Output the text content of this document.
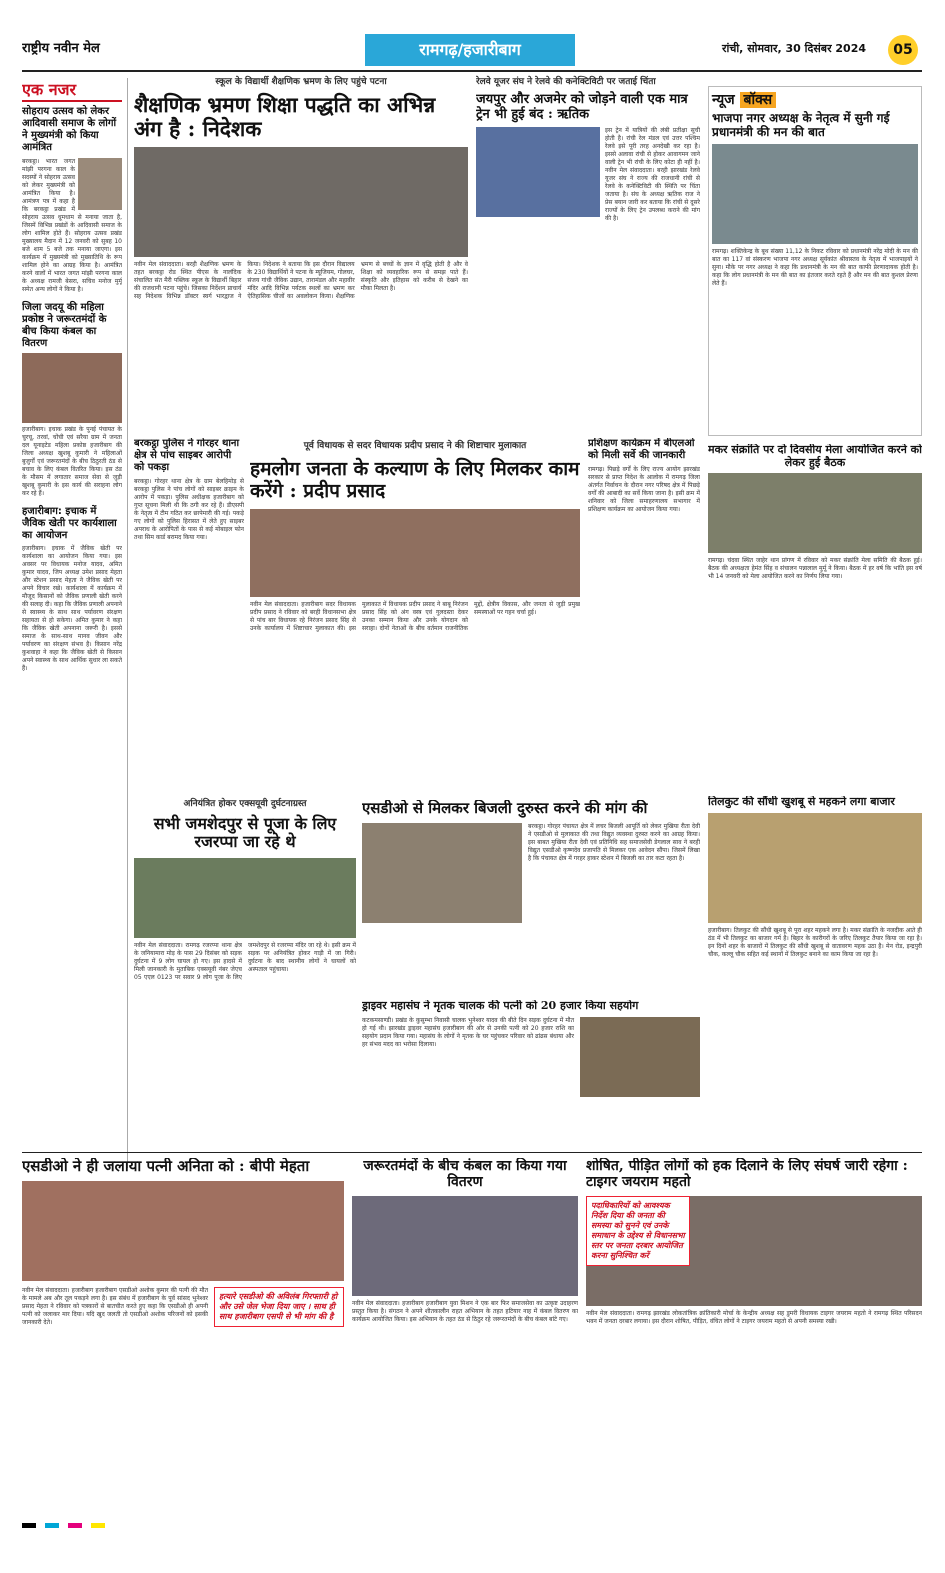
राष्ट्रीय नवीन मेल	रामगढ़/हजारीबाग	रांची, सोमवार, 30 दिसंबर 2024	05
एक नजर
सोहराय उत्सव को लेकर आदिवासी समाज के लोगों ने मुख्यमंत्री को किया आमंत्रित
बरकट्ठा। भारत जगत मांझी परगना काल के सदस्यों ने सोहराय उत्सव को लेकर मुख्यमंत्री को आमंत्रित किया है। आमंत्रण पत्र में कहा है कि बरकट्ठा प्रखंड में सोहराय उत्सव धूमधाम से मनाया जाता है, जिसमें विभिन्न प्रखंडों के आदिवासी समाज के लोग शामिल होते हैं। सोहराय उत्सव प्रखंड मुख्यालय मैदान में 12 जनवरी को सुबह 10 बजे शाम 5 बजे तक मनाया जाएगा। इस कार्यक्रम में मुख्यमंत्री को मुख्यातिथि के रूप शामिल होने का आग्रह किया है। आमंत्रित करने वालों में भारत जगत मांझी परगना काल के अध्यक्ष रामजी बेसरा, सचिव मनोज मुर्मू समेत अन्य लोगों ने किया है।
जिला जदयू की महिला प्रकोष्ठ ने जरूरतमंदों के बीच किया कंबल का वितरण
हजारीबाग। इचाक प्रखंड के पुनई पंचायत के चुरचू, तरवां, चोंची एवं सरैया ग्राम में जनता दल यूनाइटेड महिला प्रकोष्ठ हजारीबाग की जिला अध्यक्ष खुशबू कुमारी ने महिलाओं बुजुर्गों एवं जरूरतमंदों के बीच ठिठुरती ठंड से बचाव के लिए कंबल वितरित किया। इस ठंड के मौसम में लगातार समाज सेवा से जुड़ी खुशबू कुमारी के इस कार्य की सराहना लोग कर रहे हैं।
हजारीबाग: इचाक में जैविक खेती पर कार्यशाला का आयोजन
हजारीबाग। इचाक में जैविक खेती पर कार्यशाला का आयोजन किया गया। इस अवसर पर विधायक मनोज यादव, अमित कुमार यादव, जिप अध्यक्ष उमेश प्रसाद मेहता और स्टेशन प्रसाद मेहता ने जैविक खेती पर अपने विचार रखे। कार्यशाला में कार्यक्रम में मौजूद किसानों को जैविक प्रणाली खेती करने की सलाह दी। कहा कि जैविक प्रणाली अपनाने से स्वास्थ्य के साथ साथ पर्यावरण संरक्षण सहायता से हो सकेगा। अमित कुमार ने कहा कि जैविक खेती अपनाना जरूरी है। इससे समाज के साथ-साथ मानव जीवन और पर्यावरण का संरक्षण संभव है। किसान नरेंद्र कुशवाहा ने कहा कि जैविक खेती से किसान अपने स्वास्थ्य के साथ आर्थिक सुधार ला सकते हैं।
स्कूल के विद्यार्थी शैक्षणिक भ्रमण के लिए पहुंचे पटना
शैक्षणिक भ्रमण शिक्षा पद्धति का अभिन्न अंग है : निदेशक
नवीन मेल संवाददाता। बरही शैक्षणिक भ्रमण के तहत बरकट्ठा रोड स्थित पीएस के नालंदिक संचालित संत मैरी पब्लिक स्कूल के विद्यार्थी बिहार की राजधानी पटना पहुंचे। जिसका निर्देशन प्राचार्य सह निदेशक विभिन्न डॉक्टर स्वर्ग भारद्वाज ने किया। निदेशक ने बताया कि इस दौरान विद्यालय के 230 विद्यार्थियों ने पटना के म्यूजियम, गोलघर, संजय गांधी जैविक उद्यान, तारामंडल और महावीर मंदिर आदि विभिन्न पर्यटक स्थलों का भ्रमण कर ऐतिहासिक चीजों का अवलोकन किया। शैक्षणिक भ्रमण से बच्चों के ज्ञान में वृद्धि होती है और वे शिक्षा को व्यवहारिक रूप से समझ पाते हैं। संस्कृति और इतिहास को करीब से देखने का मौका मिलता है।
रेलवे यूजर संघ ने रेलवे की कनेक्टिविटी पर जताई चिंता
जयपुर और अजमेर को जोड़ने वाली एक मात्र ट्रेन भी हुई बंद : ऋतिक
इस ट्रेन में यात्रियों की लंबी प्रतीक्षा सूची होती है। रांची रेल मंडल एवं उत्तर पश्चिम रेलवे इसे पूरी तरह अनदेखी कर रहा है। इससे अलावा रांची से होकर आवागमन जाने वाली ट्रेन भी रांची के लिए कोटा ही नहीं है। नवीन मेल संवाददाता। बरही झारखंड रेलवे यूजर संघ ने राज्य की राजधानी रांची से रेलवे के कनेक्टिविटी की स्थिति पर चिंता जताया है। संघ के अध्यक्ष ऋतिक राज ने प्रेस बयान जारी कर बताया कि रांची से दूसरे राज्यों के लिए ट्रेन उपलब्ध कराने की मांग की है।
न्यूज बॉक्स
भाजपा नगर अध्यक्ष के नेतृत्व में सुनी गई प्रधानमंत्री की मन की बात
रामगढ़। शक्तिकेन्द्र के बूथ संख्या 11,12 के निकट रविवार को प्रधानमंत्री नरेंद्र मोदी के मन की बात का 117 वां संस्करण भाजपा नगर अध्यक्ष सूर्यकांत श्रीवास्तव के नेतृत्व में भाजपाइयों ने सुना। मौके पर नगर अध्यक्ष ने कहा कि प्रधानमंत्री के मन की बात काफी प्रेरणादायक होती है। कहा कि लोग प्रधानमंत्री के मन की बात का इंतजार करते रहते हैं और मन की बात कुशल प्रेरणा लेते हैं।
बरकट्ठा पुलिस ने गोरहर थाना क्षेत्र से पांच साइबर आरोपी को पकड़ा
बरकट्ठा। गोरहर थाना क्षेत्र के ग्राम बेलहिमोड़ से बरकट्ठा पुलिस ने पांच लोगों को साइबर क्राइम के आरोप में पकड़ा। पुलिस अधीक्षक हजारीबाग को गुप्त सूचना मिली थी कि ठगी कर रहे हैं। डीएसपी के नेतृत्व में टीम गठित कर छापेमारी की गई। पकड़े गए लोगों को पुलिस हिरासत में लेते हुए साइबर अपराध के आरोपितों के पास से कई मोबाइल फोन तथा सिम कार्ड बरामद किया गया।
पूर्व विधायक से सदर विधायक प्रदीप प्रसाद ने की शिष्टाचार मुलाकात
हमलोग जनता के कल्याण के लिए मिलकर काम करेंगे : प्रदीप प्रसाद
नवीन मेल संवाददाता। हजारीबाग सदर विधायक प्रदीप प्रसाद ने रविवार को बरही विधानसभा क्षेत्र से पांच बार विधायक रहे निरंजन प्रसाद सिंह से उनके कार्यालय में शिष्टाचार मुलाकात की। इस मुलाकात में विधायक प्रदीप प्रसाद ने बाबू निरंजन प्रसाद सिंह को अंग वस्त्र एवं गुलदस्ता देकर उनका सम्मान किया और उनके योगदान को सराहा। दोनों नेताओं के बीच वर्तमान राजनीतिक मुद्दों, क्षेत्रीय विकास, और जनता से जुड़ी प्रमुख समस्याओं पर गहन चर्चा हुई।
प्रशिक्षण कार्यक्रम में बीएलओ को मिली सर्वे की जानकारी
रामगढ़। पिछड़े वर्गों के लिए राज्य आयोग झारखंड सरकार से प्राप्त निदेश के आलोक में रामगढ़ जिला अंतर्गत निर्वाचन के दौरान नगर परिषद क्षेत्र में पिछड़े वर्गों की आबादी का सर्वे किया जाना है। इसी क्रम में शनिवार को जिला समाहरणालय सभागार में प्रशिक्षण कार्यक्रम का आयोजन किया गया।
मकर संक्रांति पर दो दिवसीय मेला आयोजित करने को लेकर हुई बैठक
रामगढ़। चंदवा स्थित जाहेर थान प्रांगण में रविवार को मकर संक्रांति मेला समिति की बैठक हुई। बैठक की अध्यक्षता हेमंत सिंह व संचालन पन्नालाल मुर्मू ने किया। बैठक में हर वर्ष कि भांति इस वर्ष भी 14 जनवरी को मेला आयोजित करने का निर्णय लिया गया।
अनियंत्रित होकर एक्सयूवी दुर्घटनाग्रस्त
सभी जमशेदपुर से पूजा के लिए रजरप्पा जा रहे थे
नवीन मेल संवाददाता। रामगढ़ रजरप्पा थाना क्षेत्र के जनियामारा मोड़ के पास 29 दिसंबर को सड़क दुर्घटना में 9 लोग घायल हो गए। इस हादसे में मिली जानकारी के मुताबिक एक्सयूवी नंबर जेएच 05 एएल 0123 पर सवार 9 लोग पूजा के लिए जमशेदपुर से रजरप्पा मंदिर जा रहे थे। इसी क्रम में सड़क पर अनियंत्रित होकर गाड़ी में जा गिरी। दुर्घटना के बाद स्थानीय लोगों ने घायलों को अस्पताल पहुंचाया।
एसडीओ से मिलकर बिजली दुरुस्त करने की मांग की
बरकट्ठा। गोरहर पंचायत क्षेत्र में लचर बिजली आपूर्ति को लेकर मुखिया रीता देवी ने एसडीओ से मुलाकात की तथा विद्युत व्यवस्था दुरुस्त करने का आग्रह किया। इस बाबत मुखिया रीता देवी एवं प्रतिनिधि सह समाजसेवी डेगलाल साव ने बरही विद्युत एसडीओ कृष्णदेव प्रजापति से मिलकर एक आवेदन सौंपा। जिसमें लिखा है कि पंचायत क्षेत्र में गरहर हाकर स्टेशन में बिजली का तार कटा रहता है।
ड्राइवर महासंघ ने मृतक चालक की पत्नी को 20 हजार किया सहयोग
कटकमसाण्डी। प्रखंड के कुसुम्भा निवासी चालक भुनेश्वर यादव की बीते दिन सड़क दुर्घटना में मौत हो गई थी। झारखंड ड्राइवर महासंघ हजारीबाग की ओर से उनकी पत्नी को 20 हजार राशि का सहयोग प्रदान किया गया। महासंघ के लोगों ने मृतक के घर पहुंचकर परिवार को ढांढस बंधाया और हर संभव मदद का भरोसा दिलाया।
तिलकुट की सौंधी खुशबू से महकने लगा बाजार
हजारीबाग। तिलकुट की सौंधी खुशबू से पूरा शहर महकने लगा है। मकर संक्रांति के नजदीक आते ही ठंड में भी तिलकुट का बाजार गर्म है। बिहार के कारीगरों के जरिए तिलकुट तैयार किया जा रहा है। इन दिनों शहर के बाजारों में तिलकुट की सौंधी खुशबू से वातावरण महक उठा है। मेन रोड, इन्द्रपुरी चौक, कल्लू चौक सहित कई स्थानों में तिलकुट बनाने का काम किया जा रहा है।
एसडीओ ने ही जलाया पत्नी अनिता को : बीपी मेहता
हत्यारे एसडीओ की अविलंब गिरफ्तारी हो और उसे जेल भेजा दिया जाए । साथ ही साथ हजारीबाग एसपी से भी मांग की है
नवीन मेल संवाददाता। हजारीबाग हजारीबाग एसडीओ अशोक कुमार की पत्नी की मौत के मामले अब और तूल पकड़ने लगा है। इस संबंध में हजारीबाग के पूर्व सांसद भुनेश्वर प्रसाद मेहता ने रविवार को पत्रकारों से बातचीत करते हुए कहा कि एसडीओ ही अपनी पत्नी को जलाकर मार दिया। यदि खुद जलती तो एसडीओ अशोक परिजनों को इसकी जानकारी देते।
जरूरतमंदों के बीच कंबल का किया गया वितरण
नवीन मेल संवाददाता। हजारीबाग हजारीबाग युवा मिशन ने एक बार फिर समाजसेवा का उत्कृष्ट उदाहरण प्रस्तुत किया है। संगठन ने अपने शीतकालीन राहत अभियान के तहत हटियार नाह में कंबल वितरण का कार्यक्रम आयोजित किया। इस अभियान के तहत ठंड से ठिठुर रहे जरूरतमंदों के बीच कंबल बांटे गए।
शोषित, पीड़ित लोगों को हक दिलाने के लिए संघर्ष जारी रहेगा : टाइगर जयराम महतो
पदाधिकारियों को आवश्यक निर्देश दिया की जनता की समस्या को सुनने एवं उनके समाधान के उद्देश्य से विधानसभा स्तर पर जनता दरबार आयोजित करना सुनिश्चित करें
नवीन मेल संवाददाता। रामगढ़ झारखंड लोकतांत्रिक क्रांतिकारी मोर्चा के केन्द्रीय अध्यक्ष सह डुमरी विधायक टाइगर जयराम महतो ने रामगढ़ स्थित परिसदन भवन में जनता दरबार लगाया। इस दौरान शोषित, पीड़ित, वंचित लोगों ने टाइगर जयराम महतो से अपनी समस्या रखी।
